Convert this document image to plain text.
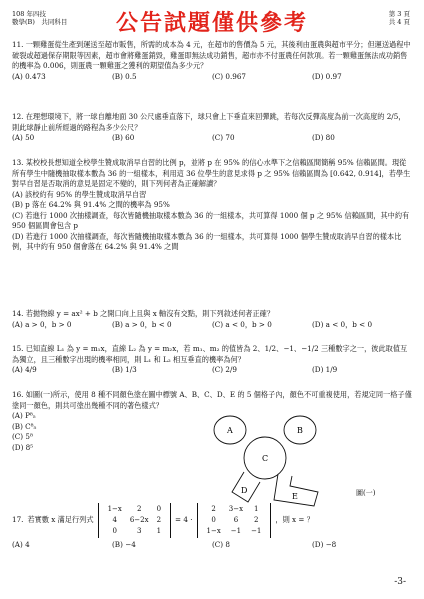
108 年四技
數學(B)　共同科目	公告試題僅供參考	第 3 頁
共 4 頁
11. 一顆雞蛋從生產到運送至超市販售，所需的成本為 4 元，在超市的售價為 5 元，其後利由蛋農與超市平分；但運送過程中破裂或超過保存期限等因素，超市會將雞蛋銷毀，雞蛋即無法成功銷售，超市亦不付蛋農任何款項。若一顆雞蛋無法成功銷售的機率為 0.006，則蛋農一顆雞蛋之獲利的期望值為多少元？
(A) 0.473	(B) 0.5	(C) 0.967	(D) 0.97
12. 在理想環境下，將一球自離地面 30 公尺處垂直落下，球只會上下垂直來回彈跳，若每次反彈高度為前一次高度的 2/5，則此球靜止前所經過的路程為多少公尺？
(A) 50	(B) 60	(C) 70	(D) 80
13. 某校校長想知道全校學生贊成取消早自習的比例 p，並將 p 在 95% 的信心水準下之信賴區間簡稱 95% 信賴區間。現從所有學生中隨機抽取樣本數為 36 的一組樣本，利用這 36 位學生的意見求得 p 之 95% 信賴區間為 [0.642, 0.914]，若學生對早自習是否取消的意見是固定不變的，則下列何者為正確解讀？
(A) 該校約有 95% 的學生贊成取消早自習
(B) p 落在 64.2% 與 91.4% 之間的機率為 95%
(C) 若進行 1000 次抽樣調查，每次皆隨機抽取樣本數為 36 的一組樣本，共可算得 1000 個 p 之 95% 信賴區間，其中約有 950 個區間會包含 p
(D) 若進行 1000 次抽樣調查，每次皆隨機抽取樣本數為 36 的一組樣本，共可算得 1000 個學生贊成取消早自習的樣本比例，其中約有 950 個會落在 64.2% 與 91.4% 之間
14. 若拋物線 y = ax² + b 之開口向上且與 x 軸沒有交點，則下列敘述何者正確？
(A) a > 0，b > 0	(B) a > 0，b < 0	(C) a < 0，b > 0	(D) a < 0，b < 0
15. 已知直線 L₁ 為 y = m₁x，直線 L₂ 為 y = m₂x，若 m₁、m₂ 的值皆為 2、1/2、−1、−1/2 三種數字之一，彼此取值互為獨立，且三種數字出現的機率相同，則 L₁ 和 L₂ 相互垂直的機率為何？
(A) 4/9	(B) 1/3	(C) 2/9	(D) 1/9
16. 如圖(一)所示，使用 8 種不同顏色塗在圖中標號 A、B、C、D、E 的 5 個格子內，顏色不可重複使用，若規定同一格子僅塗同一顏色，則共可塗出幾種不同的著色樣式？
(A) P⁸₅
(B) C⁸₅
(C) 5⁸
(D) 8⁵
A	B
C
D
E	圖(一)
17. 若實數 x 滿足行列式
1−x	2	0
4	6−2x	2
0	3	1
= 4 ·
2	3−x	1
0	6	2
1−x	−1	−1
，則 x = ？
(A) 4	(B) −4	(C) 8	(D) −8
-3-
